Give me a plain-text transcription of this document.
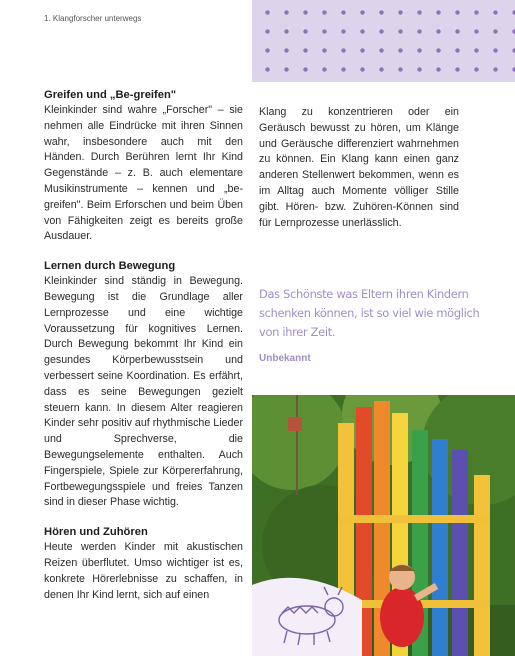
1. Klangforscher unterwegs
Greifen und „Be-greifen"

Kleinkinder sind wahre „Forscher" – sie nehmen alle Eindrücke mit ihren Sinnen wahr, insbesondere auch mit den Händen. Durch Berühren lernt Ihr Kind Gegenstände – z. B. auch elementare Musikinstrumente – kennen und „be-greifen". Beim Erforschen und beim Üben von Fähigkeiten zeigt es bereits große Ausdauer.

Lernen durch Bewegung

Kleinkinder sind ständig in Bewegung. Bewegung ist die Grundlage aller Lernprozesse und eine wichtige Voraussetzung für kognitives Lernen. Durch Bewegung bekommt Ihr Kind ein gesundes Körperbewusstsein und verbessert seine Koordination. Es erfährt, dass es seine Bewegungen gezielt steuern kann. In diesem Alter reagieren Kinder sehr positiv auf rhythmische Lieder und Sprechverse, die Bewegungselemente enthalten. Auch Fingerspiele, Spiele zur Körpererfahrung, Fortbewegungsspiele und freies Tanzen sind in dieser Phase wichtig.

Hören und Zuhören

Heute werden Kinder mit akustischen Reizen überflutet. Umso wichtiger ist es, konkrete Hörerlebnisse zu schaffen, in denen Ihr Kind lernt, sich auf einen

Klang zu konzentrieren oder ein Geräusch bewusst zu hören, um Klänge und Geräusche differenziert wahrnehmen zu können. Ein Klang kann einen ganz anderen Stellenwert bekommen, wenn es im Alltag auch Momente völliger Stille gibt. Hören- bzw. Zuhören-Können sind für Lernprozesse unerlässlich.

Das Schönste was Eltern ihren Kindern schenken können, ist so viel wie möglich von ihrer Zeit.
Unbekannt
